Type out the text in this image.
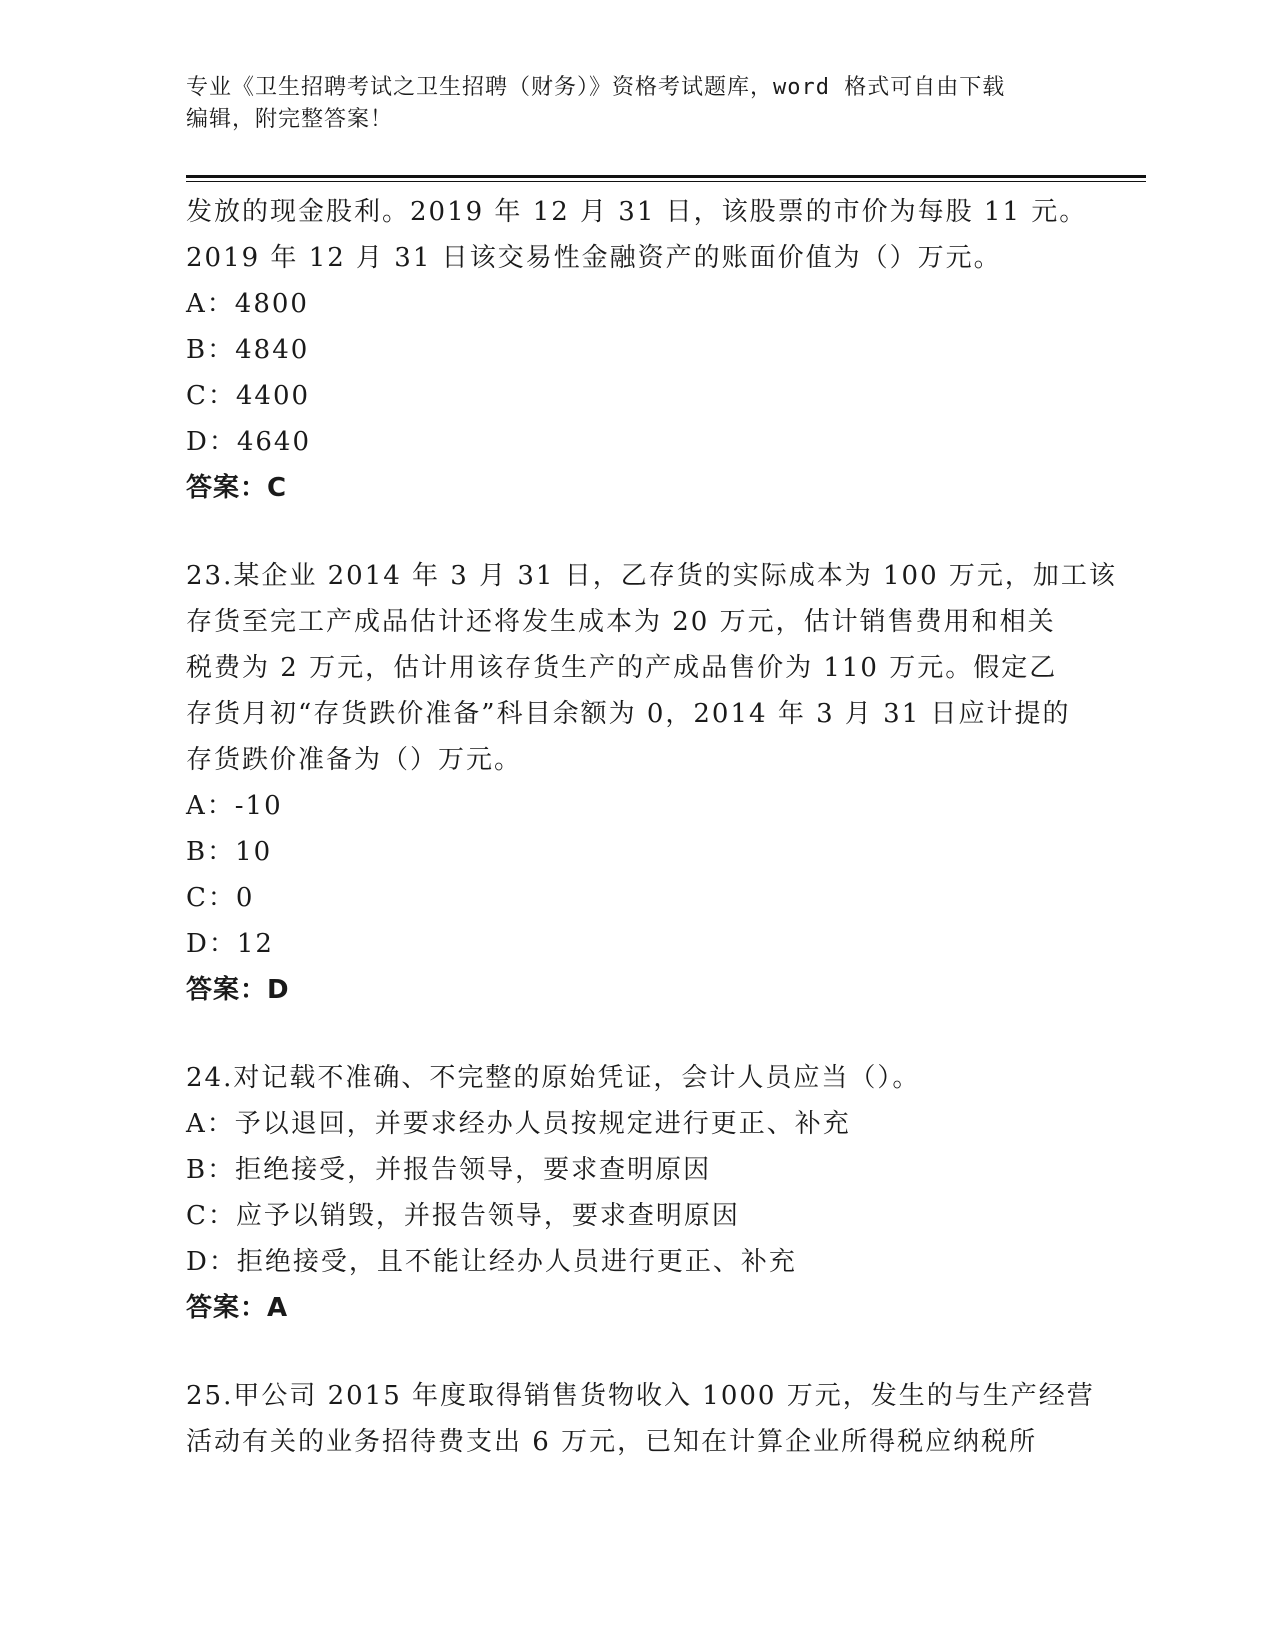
专业《卫生招聘考试之卫生招聘（财务）》资格考试题库，word 格式可自由下载
编辑，附完整答案！
发放的现金股利。2019 年 12 月 31 日，该股票的市价为每股 11 元。
2019 年 12 月 31 日该交易性金融资产的账面价值为（）万元。
A：4800
B：4840
C：4400
D：4640
答案：C
23.某企业 2014 年 3 月 31 日，乙存货的实际成本为 100 万元，加工该
存货至完工产成品估计还将发生成本为 20 万元，估计销售费用和相关
税费为 2 万元，估计用该存货生产的产成品售价为 110 万元。假定乙
存货月初“存货跌价准备”科目余额为 0，2014 年 3 月 31 日应计提的
存货跌价准备为（）万元。
A：-10
B：10
C：0
D：12
答案：D
24.对记载不准确、不完整的原始凭证，会计人员应当（）。
A：予以退回，并要求经办人员按规定进行更正、补充
B：拒绝接受，并报告领导，要求查明原因
C：应予以销毁，并报告领导，要求查明原因
D：拒绝接受，且不能让经办人员进行更正、补充
答案：A
25.甲公司 2015 年度取得销售货物收入 1000 万元，发生的与生产经营
活动有关的业务招待费支出 6 万元，已知在计算企业所得税应纳税所
